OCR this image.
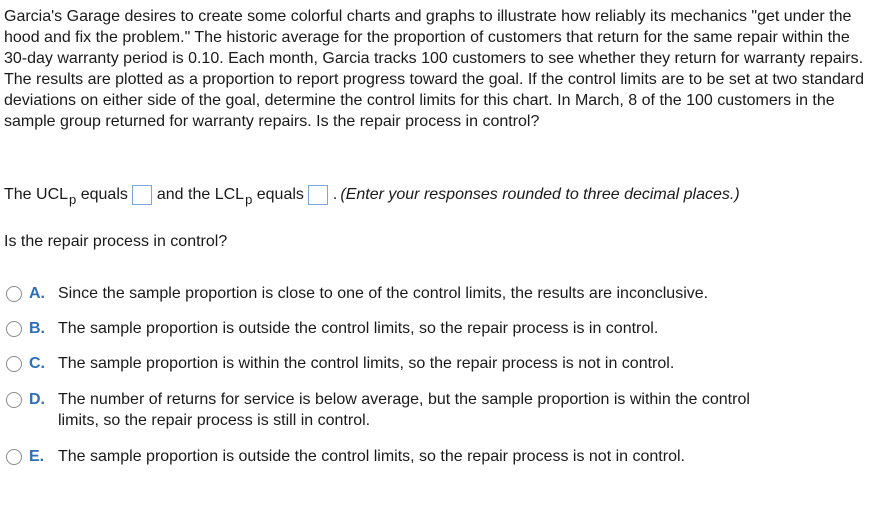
Garcia's Garage desires to create some colorful charts and graphs to illustrate how reliably its mechanics "get under the hood and fix the problem." The historic average for the proportion of customers that return for the same repair within the 30-day warranty period is 0.10. Each month, Garcia tracks 100 customers to see whether they return for warranty repairs. The results are plotted as a proportion to report progress toward the goal. If the control limits are to be set at two standard deviations on either side of the goal, determine the control limits for this chart. In March, 8 of the 100 customers in the sample group returned for warranty repairs. Is the repair process in control?

The UCL p
equals and the LCL p
equals . (Enter your responses rounded to three decimal places.)

Is the repair process in control?

A. Since the sample proportion is close to one of the control limits, the results are inconclusive.
B. The sample proportion is outside the control limits, so the repair process is in control.
C. The sample proportion is within the control limits, so the repair process is not in control.
D. The number of returns for service is below average, but the sample proportion is within the control limits, so the repair process is still in control.
E. The sample proportion is outside the control limits, so the repair process is not in control.
